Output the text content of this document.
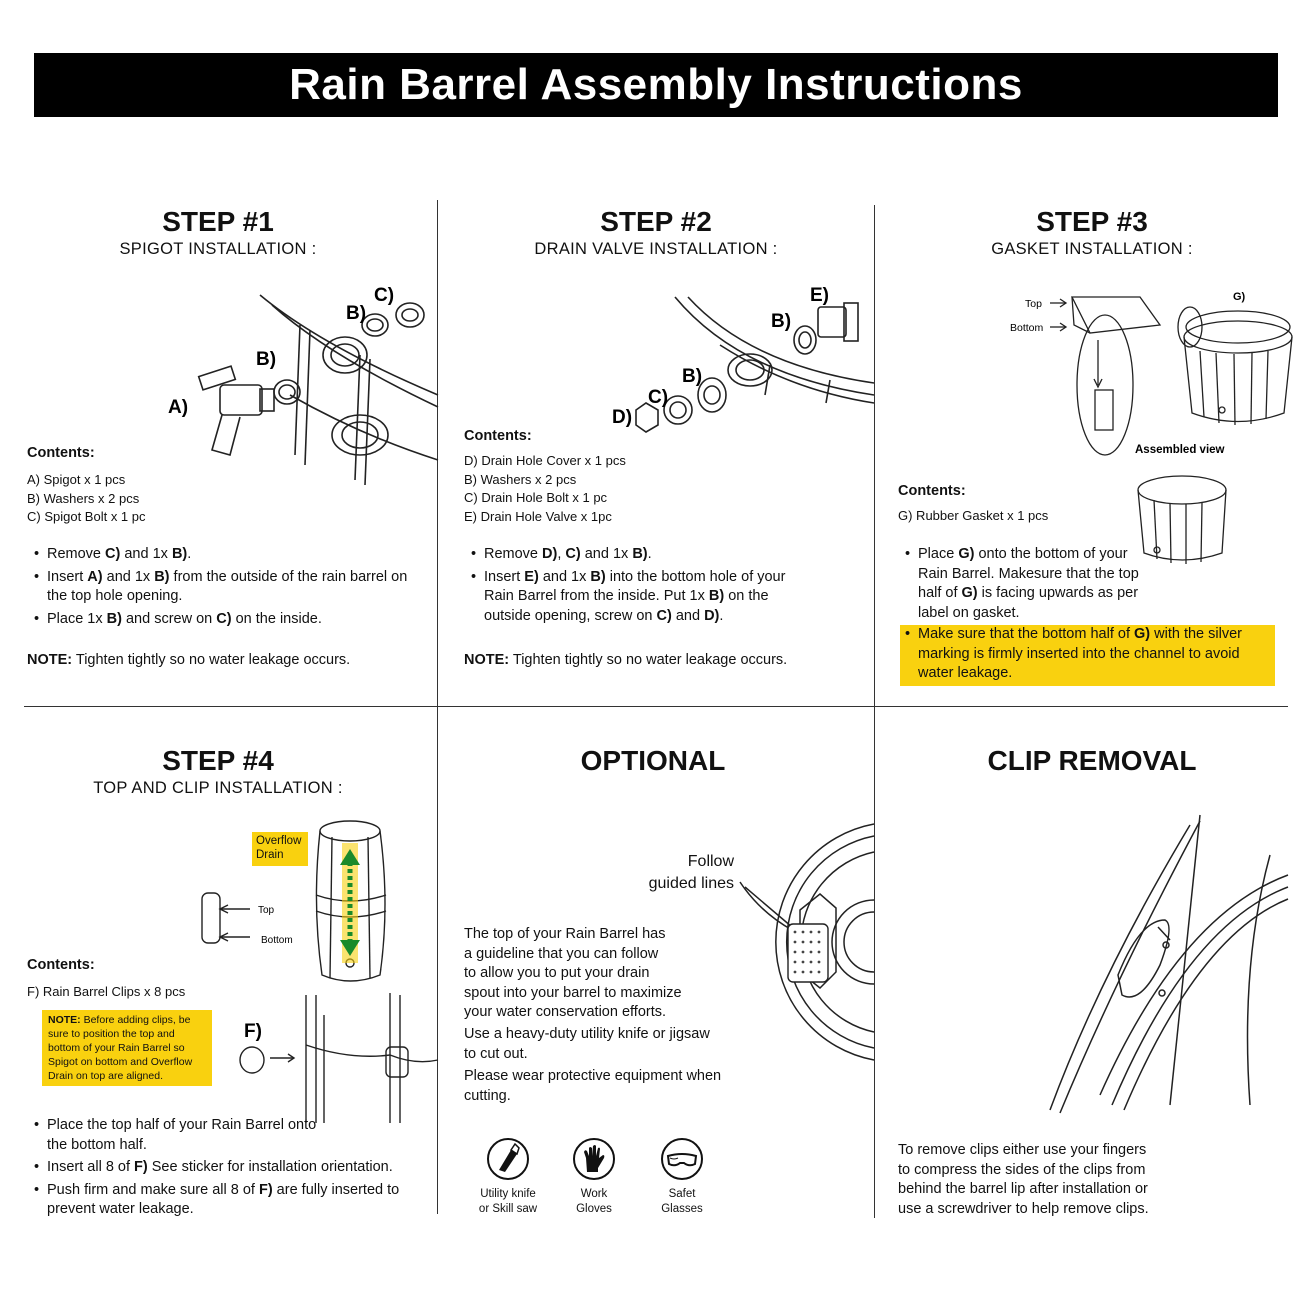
Rain Barrel Assembly Instructions
STEP #1
SPIGOT INSTALLATION :
C)
B)
B)
A)
Contents:
A) Spigot x 1 pcs
B) Washers x 2 pcs
C) Spigot Bolt x 1 pc
• Remove C) and 1x B).
• Insert A) and 1x B) from the outside of the rain barrel on the top hole opening.
• Place 1x B) and screw on C) on the inside.
NOTE: Tighten tightly so no water leakage occurs.
STEP #2
DRAIN VALVE INSTALLATION :
E)
B)
B)
C)
D)
Contents:
D) Drain Hole Cover x 1 pcs
B) Washers x 2 pcs
C) Drain Hole Bolt x 1 pc
E) Drain Hole Valve x 1pc
• Remove D), C) and 1x B).
• Insert E) and 1x B) into the bottom hole of your Rain Barrel from the inside. Put 1x B) on the outside opening, screw on C) and D).
NOTE: Tighten tightly so no water leakage occurs.
STEP #3
GASKET INSTALLATION :
Top
Bottom
G)
Assembled view
Contents:
G) Rubber Gasket x 1 pcs
• Place G) onto the bottom of your Rain Barrel. Makesure that the top half of G) is facing upwards as per label on gasket.
• Make sure that the bottom half of G) with the silver marking is firmly inserted into the channel to avoid water leakage.
STEP #4
TOP AND CLIP INSTALLATION :
Overflow Drain
Top
Bottom
F)
Contents:
F) Rain Barrel Clips x 8 pcs
NOTE: Before adding clips, be sure to position the top and bottom of your Rain Barrel so Spigot on bottom and Overflow Drain on top are aligned.
• Place the top half of your Rain Barrel onto the bottom half.
• Insert all 8 of F) See sticker for installation orientation.
• Push firm and make sure all 8 of F) are fully inserted to prevent water leakage.
OPTIONAL
Follow
guided lines
The top of your Rain Barrel has
a guideline that you can follow
to allow you to put your drain
spout into your barrel to maximize
your water conservation efforts.
Use a heavy-duty utility knife or jigsaw
to cut out.
Please wear protective equipment when
cutting.
Utility knife
or Skill saw
Work
Gloves
Safet
Glasses
CLIP REMOVAL
To remove clips either use your fingers
to compress the sides of the clips from
behind the barrel lip after installation or
use a screwdriver to help remove clips.
